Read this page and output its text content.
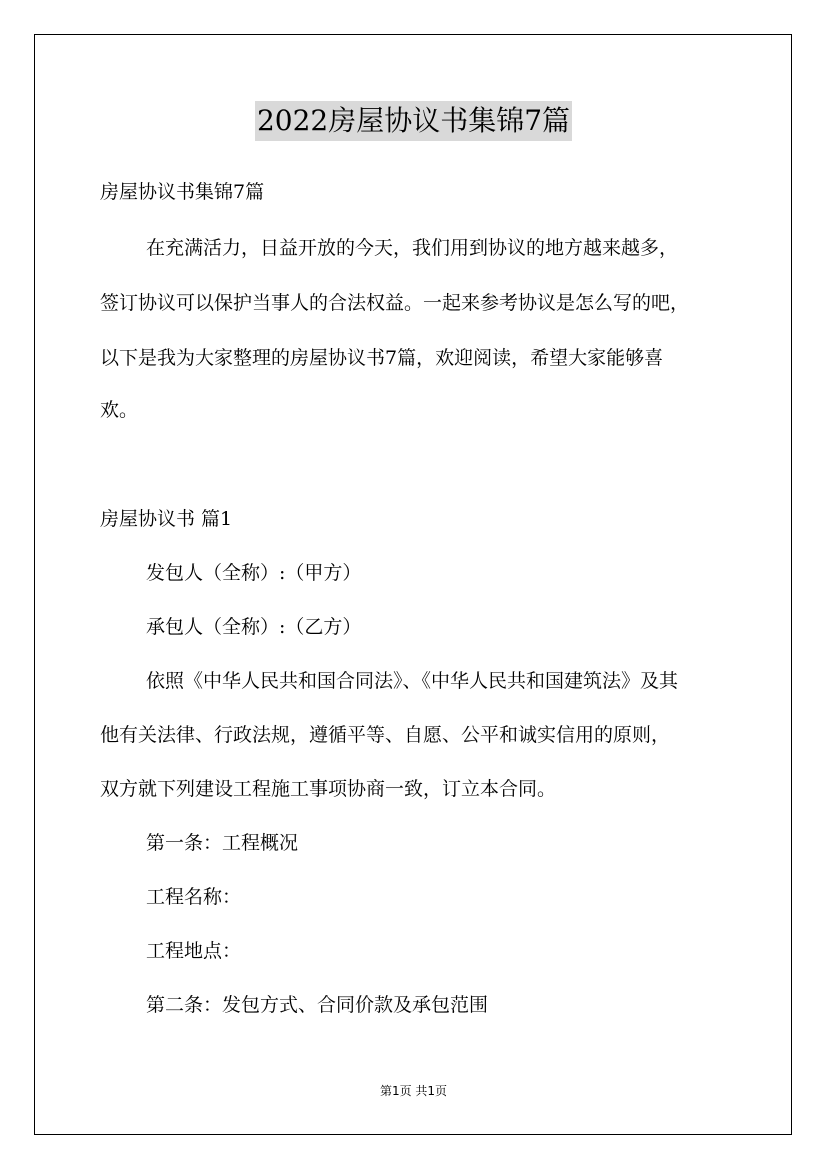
2022房屋协议书集锦7篇

房屋协议书集锦7篇

在充满活力，日益开放的今天，我们用到协议的地方越来越多，

签订协议可以保护当事人的合法权益。一起来参考协议是怎么写的吧，

以下是我为大家整理的房屋协议书7篇，欢迎阅读，希望大家能够喜

欢。

房屋协议书 篇1

发包人（全称）:（甲方）

承包人（全称）:（乙方）

依照《中华人民共和国合同法》、《中华人民共和国建筑法》及其

他有关法律、行政法规，遵循平等、自愿、公平和诚实信用的原则，

双方就下列建设工程施工事项协商一致，订立本合同。

第一条：工程概况

工程名称：

工程地点：

第二条：发包方式、合同价款及承包范围

第1页 共1页
